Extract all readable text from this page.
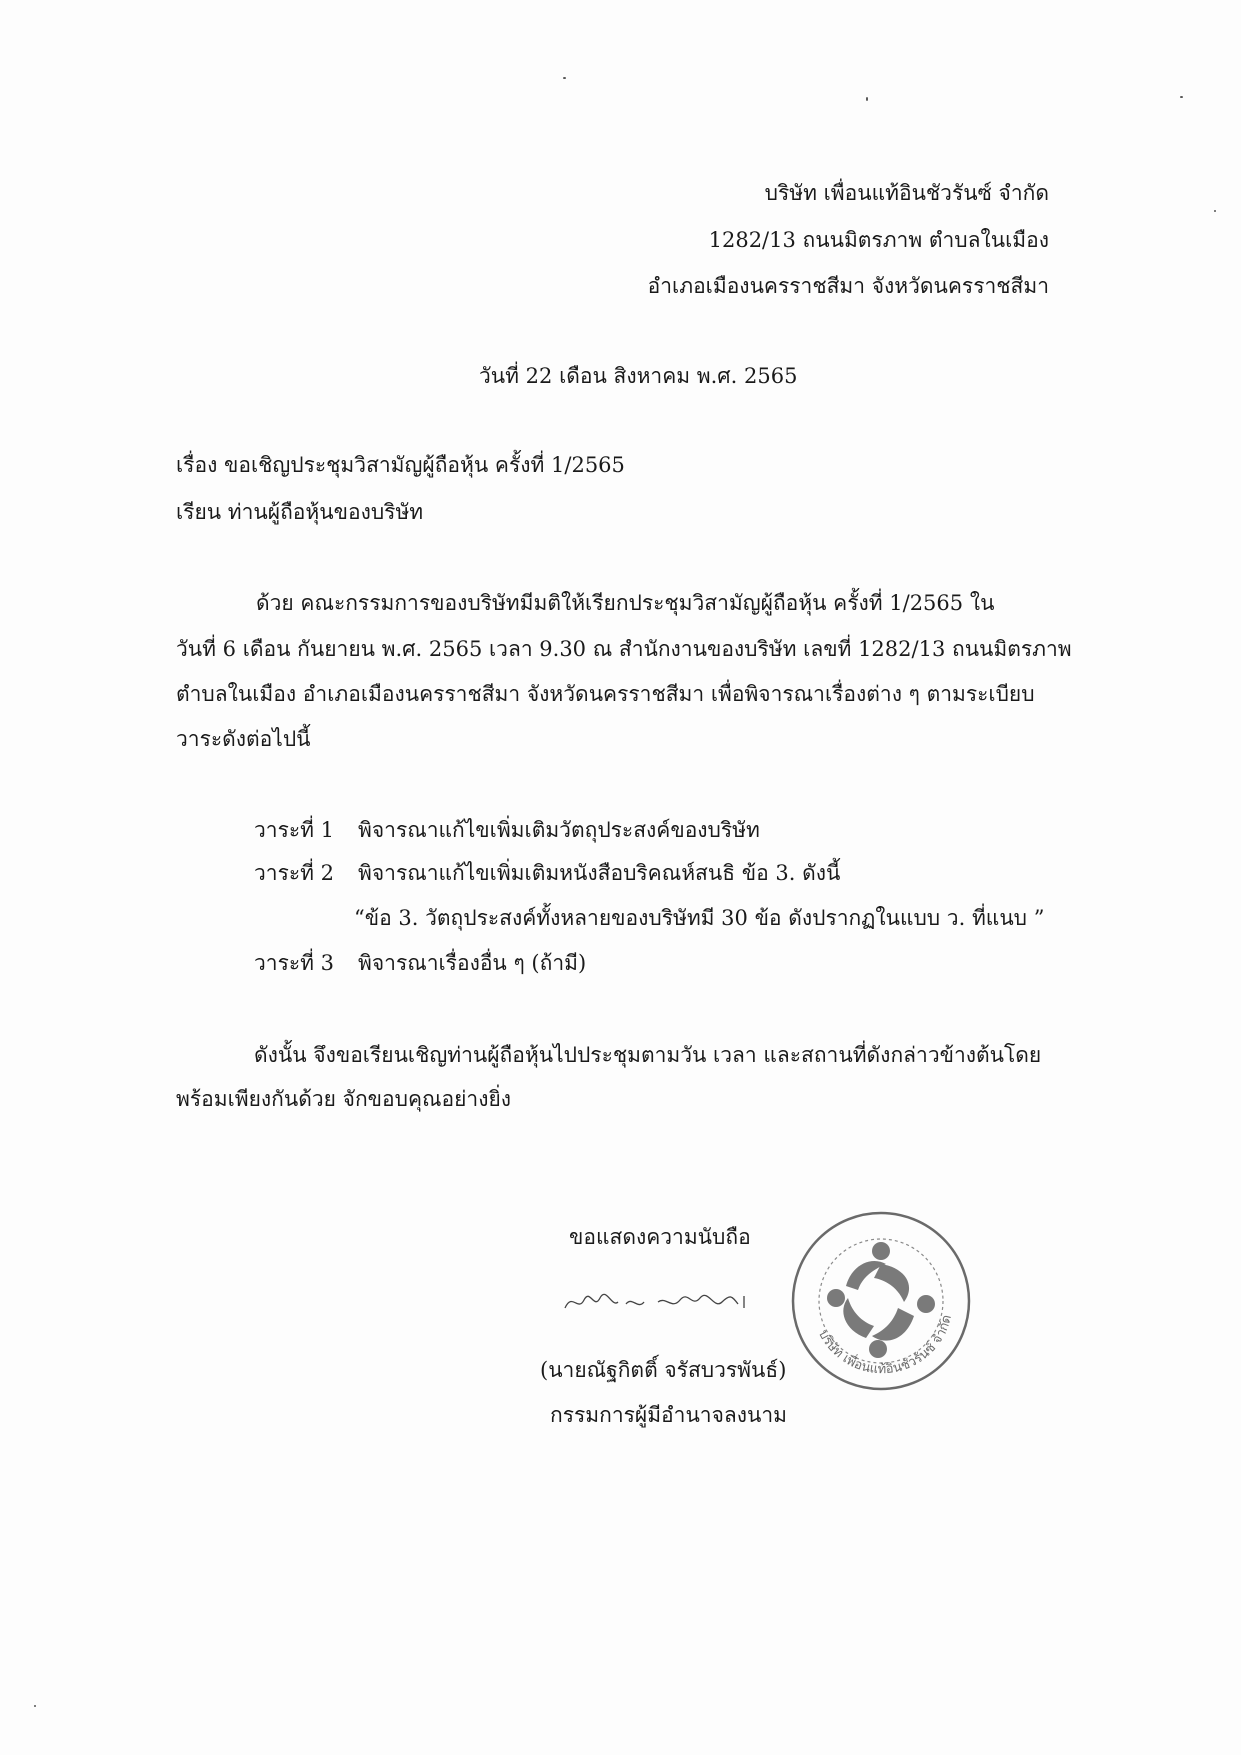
บริษัท เพื่อนแท้อินชัวรันซ์ จำกัด
1282/13 ถนนมิตรภาพ ตำบลในเมือง
อำเภอเมืองนครราชสีมา จังหวัดนครราชสีมา
วันที่ 22 เดือน สิงหาคม พ.ศ. 2565
เรื่อง ขอเชิญประชุมวิสามัญผู้ถือหุ้น ครั้งที่ 1/2565
เรียน ท่านผู้ถือหุ้นของบริษัท
ด้วย คณะกรรมการของบริษัทมีมติให้เรียกประชุมวิสามัญผู้ถือหุ้น ครั้งที่ 1/2565 ใน
วันที่ 6 เดือน กันยายน พ.ศ. 2565 เวลา 9.30 ณ สำนักงานของบริษัท เลขที่ 1282/13 ถนนมิตรภาพ
ตำบลในเมือง อำเภอเมืองนครราชสีมา จังหวัดนครราชสีมา เพื่อพิจารณาเรื่องต่าง ๆ ตามระเบียบ
วาระดังต่อไปนี้
วาระที่ 1 พิจารณาแก้ไขเพิ่มเติมวัตถุประสงค์ของบริษัท
วาระที่ 2 พิจารณาแก้ไขเพิ่มเติมหนังสือบริคณห์สนธิ ข้อ 3. ดังนี้
“ข้อ 3. วัตถุประสงค์ทั้งหลายของบริษัทมี 30 ข้อ ดังปรากฏในแบบ ว. ที่แนบ ”
วาระที่ 3 พิจารณาเรื่องอื่น ๆ (ถ้ามี)
ดังนั้น จึงขอเรียนเชิญท่านผู้ถือหุ้นไปประชุมตามวัน เวลา และสถานที่ดังกล่าวข้างต้นโดย
พร้อมเพียงกันด้วย จักขอบคุณอย่างยิ่ง
ขอแสดงความนับถือ
(นายณัฐกิตติ์ จรัสบวรพันธ์)
กรรมการผู้มีอำนาจลงนาม
บริษัท เพื่อนแท้อินชัวรันซ์ จำกัด
